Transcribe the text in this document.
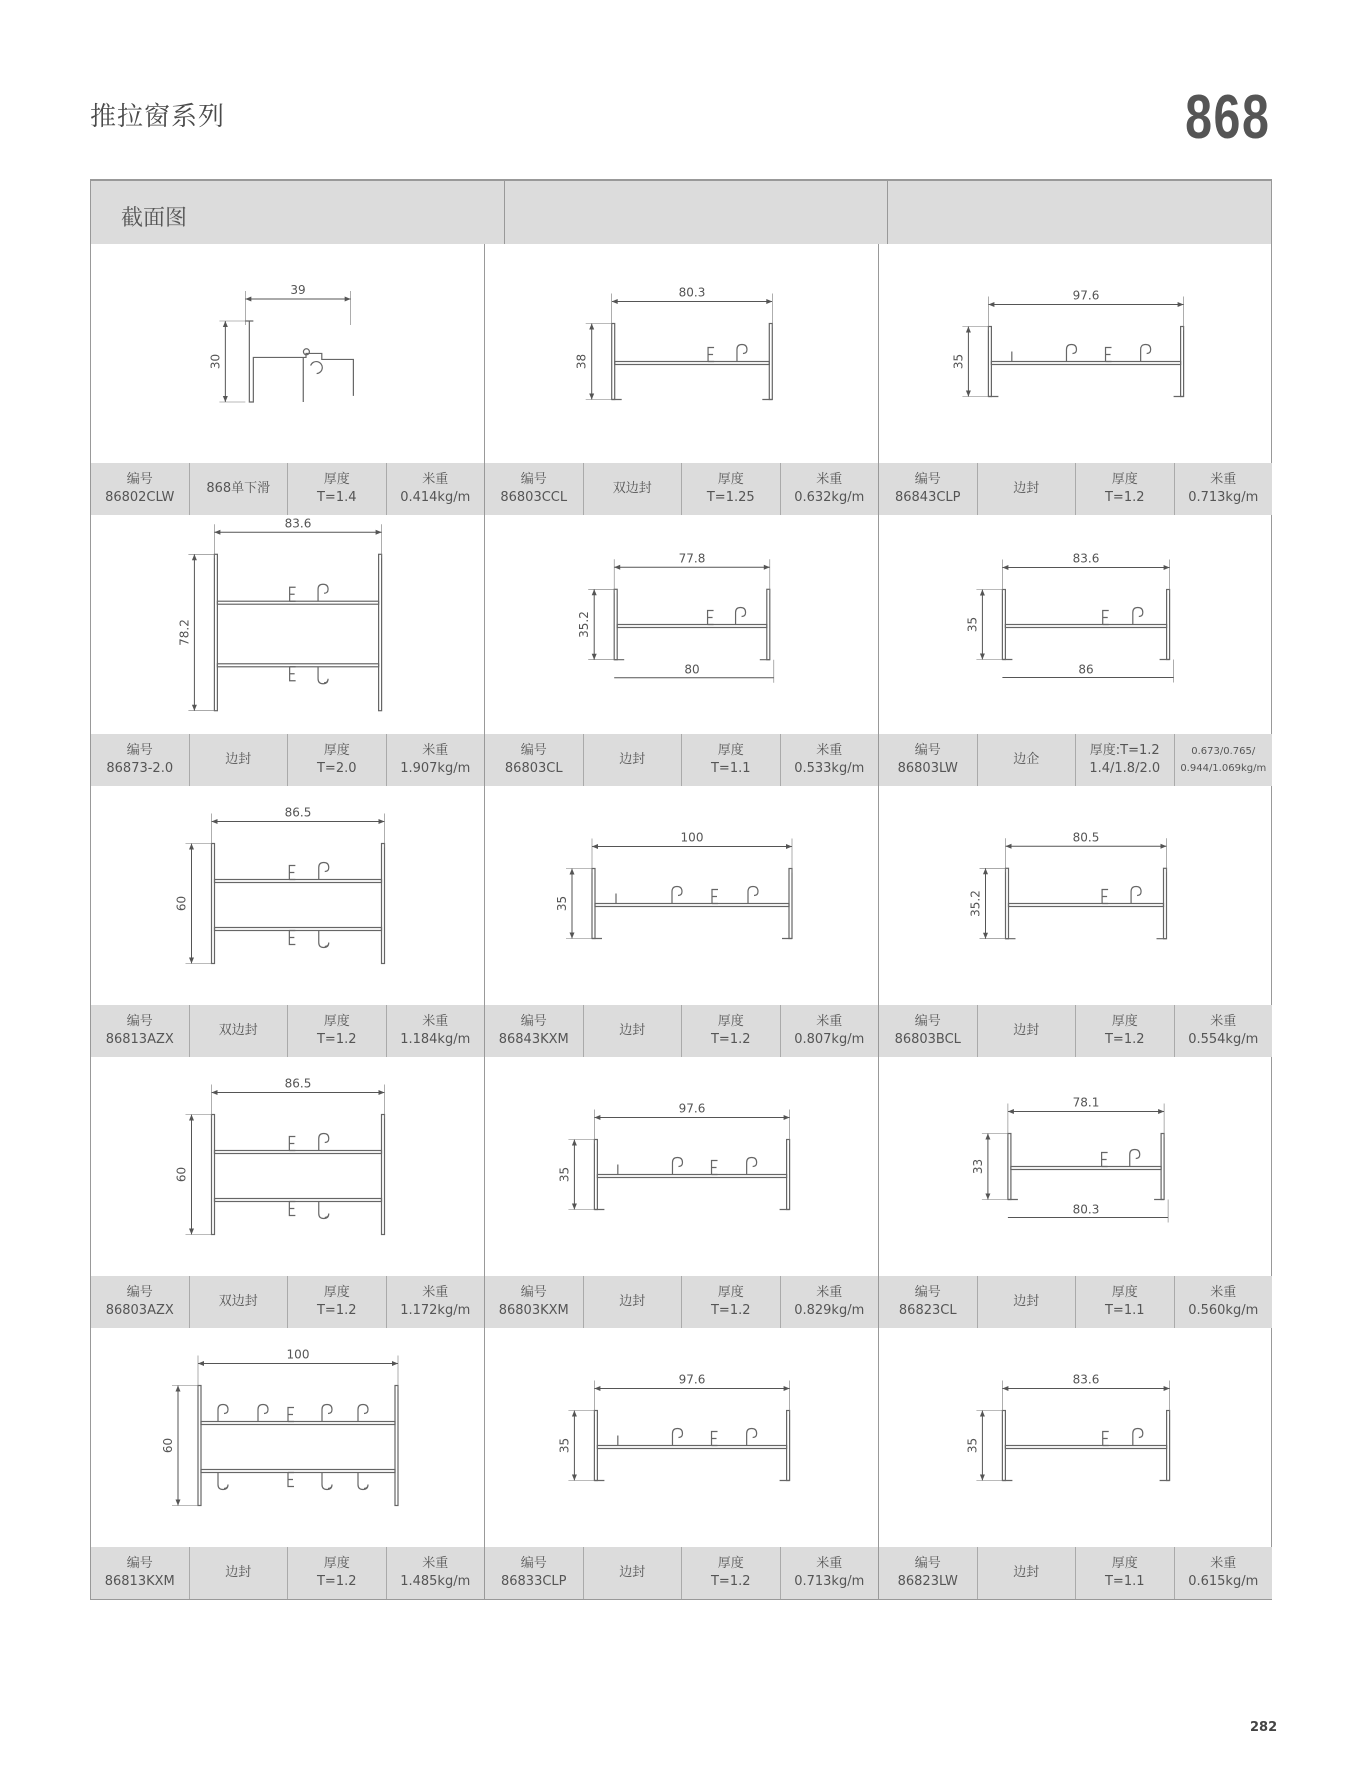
推拉窗系列	868
截面图
39
30
编号
86802CLW
868单下滑
厚度
T=1.4
米重
0.414kg/m
80.3
38
编号
86803CCL
双边封
厚度
T=1.25
米重
0.632kg/m
97.6
35
编号
86843CLP
边封
厚度
T=1.2
米重
0.713kg/m
83.6
78.2
编号
86873-2.0
边封
厚度
T=2.0
米重
1.907kg/m
77.8
35.2
80
编号
86803CL
边封
厚度
T=1.1
米重
0.533kg/m
83.6
35
86
编号
86803LW
边企
厚度:T=1.2
1.4/1.8/2.0
0.673/0.765/
0.944/1.069kg/m
86.5
60
编号
86813AZX
双边封
厚度
T=1.2
米重
1.184kg/m
100
35
编号
86843KXM
边封
厚度
T=1.2
米重
0.807kg/m
80.5
35.2
编号
86803BCL
边封
厚度
T=1.2
米重
0.554kg/m
86.5
60
编号
86803AZX
双边封
厚度
T=1.2
米重
1.172kg/m
97.6
35
编号
86803KXM
边封
厚度
T=1.2
米重
0.829kg/m
78.1
33
80.3
编号
86823CL
边封
厚度
T=1.1
米重
0.560kg/m
100
60
编号
86813KXM
边封
厚度
T=1.2
米重
1.485kg/m
97.6
35
编号
86833CLP
边封
厚度
T=1.2
米重
0.713kg/m
83.6
35
编号
86823LW
边封
厚度
T=1.1
米重
0.615kg/m
282
